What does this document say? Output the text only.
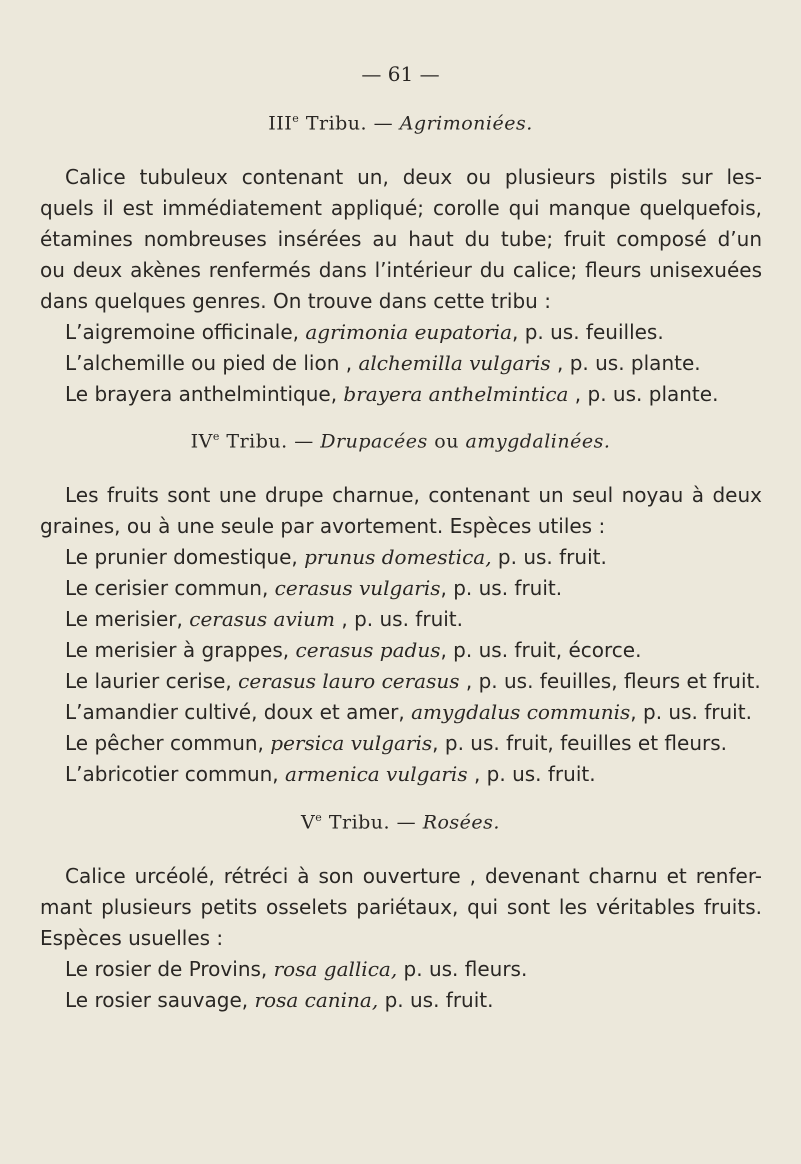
— 61 —
IIIe Tribu. — Agrimoniées.
Calice tubuleux contenant un, deux ou plusieurs pistils sur les-
quels il est immédiatement appliqué; corolle qui manque quelquefois,
étamines nombreuses insérées au haut du tube; fruit composé d’un
ou deux akènes renfermés dans l’intérieur du calice; fleurs unisexuées
dans quelques genres. On trouve dans cette tribu :
L’aigremoine officinale, agrimonia eupatoria, p. us. feuilles.
L’alchemille ou pied de lion , alchemilla vulgaris , p. us. plante.
Le brayera anthelmintique, brayera anthelmintica , p. us. plante.
IVe Tribu. — Drupacées ou amygdalinées.
Les fruits sont une drupe charnue, contenant un seul noyau à deux
graines, ou à une seule par avortement. Espèces utiles :
Le prunier domestique, prunus domestica, p. us. fruit.
Le cerisier commun, cerasus vulgaris, p. us. fruit.
Le merisier, cerasus avium , p. us. fruit.
Le merisier à grappes, cerasus padus, p. us. fruit, écorce.
Le laurier cerise, cerasus lauro cerasus , p. us. feuilles, fleurs et fruit.
L’amandier cultivé, doux et amer, amygdalus communis, p. us. fruit.
Le pêcher commun, persica vulgaris, p. us. fruit, feuilles et fleurs.
L’abricotier commun, armenica vulgaris , p. us. fruit.
Ve Tribu. — Rosées.
Calice urcéolé, rétréci à son ouverture , devenant charnu et renfer-
mant plusieurs petits osselets pariétaux, qui sont les véritables fruits.
Espèces usuelles :
Le rosier de Provins, rosa gallica, p. us. fleurs.
Le rosier sauvage, rosa canina, p. us. fruit.
